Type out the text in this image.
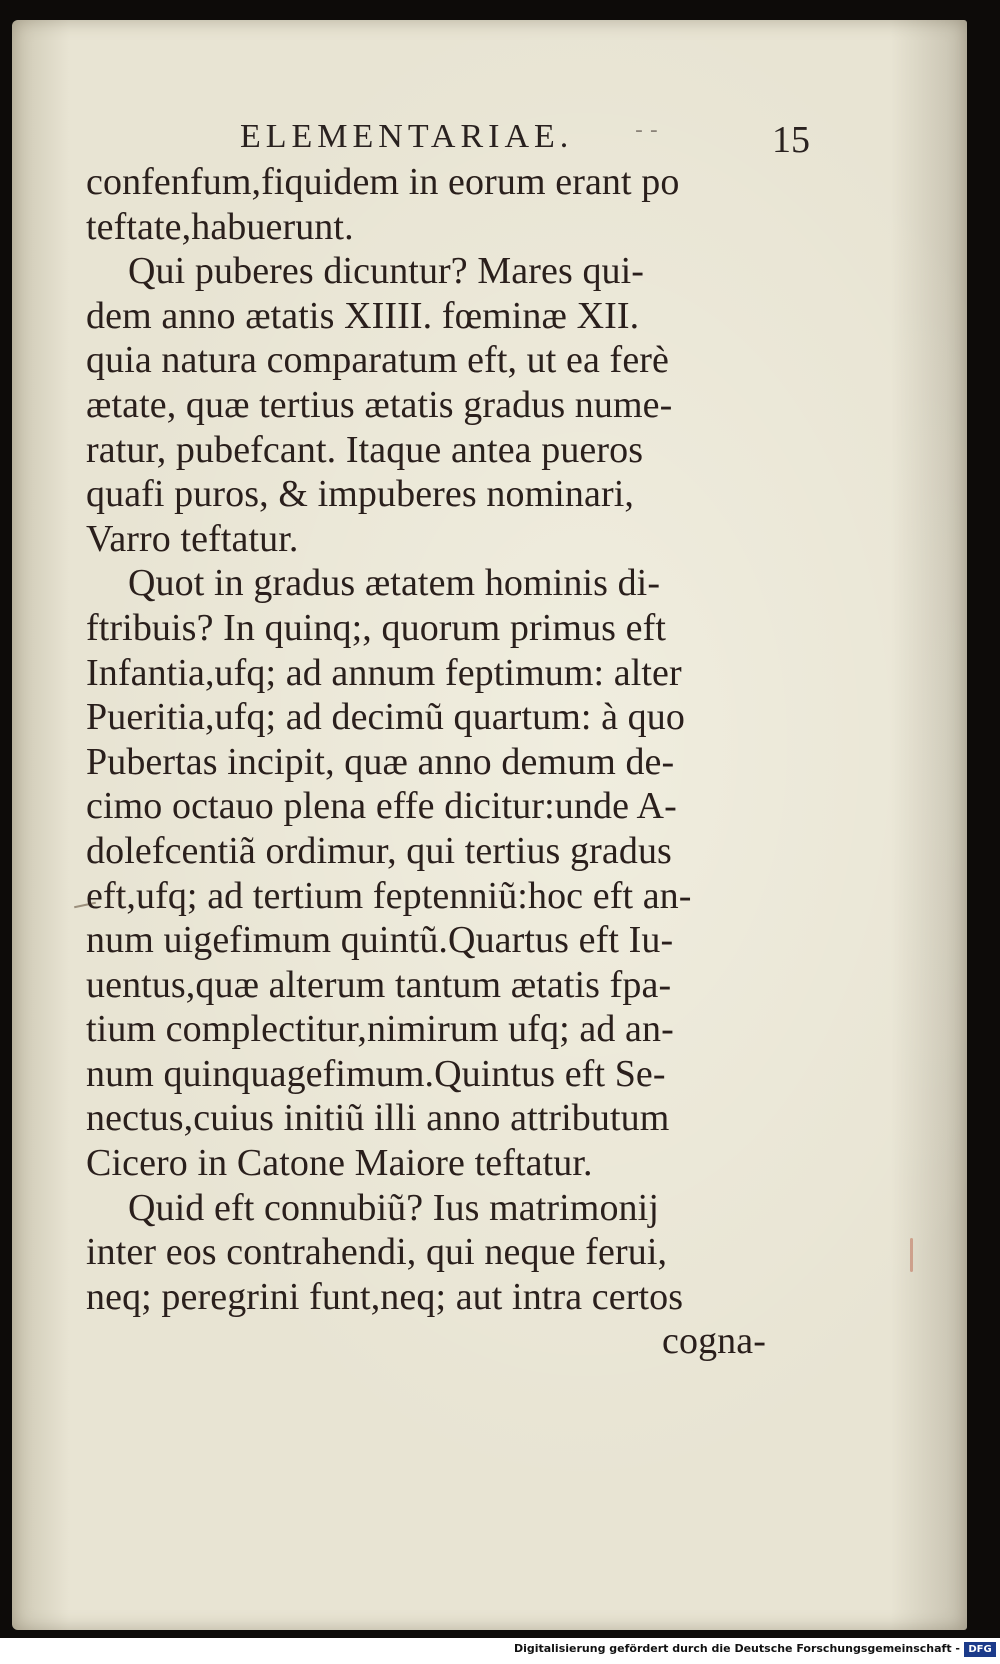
ELEMENTARIAE.	- -	15
confenfum,fiquidem in eorum erant po
teftate,habuerunt.
Qui puberes dicuntur? Mares qui-
dem anno ætatis XIIII. fœminæ XII.
quia natura comparatum eft, ut ea ferè
ætate, quæ tertius ætatis gradus nume-
ratur, pubefcant. Itaque antea pueros
quafi puros, & impuberes nominari,
Varro teftatur.
Quot in gradus ætatem hominis di-
ftribuis? In quinq;, quorum primus eft
Infantia,ufq; ad annum feptimum: alter
Pueritia,ufq; ad decimũ quartum: à quo
Pubertas incipit, quæ anno demum de-
cimo octauo plena effe dicitur:unde A-
dolefcentiã ordimur, qui tertius gradus
eft,ufq; ad tertium feptenniũ:hoc eft an-
num uigefimum quintũ.Quartus eft Iu-
uentus,quæ alterum tantum ætatis fpa-
tium complectitur,nimirum ufq; ad an-
num quinquagefimum.Quintus eft Se-
nectus,cuius initiũ illi anno attributum
Cicero in Catone Maiore teftatur.
Quid eft connubiũ? Ius matrimonij
inter eos contrahendi, qui neque ferui,
neq; peregrini funt,neq; aut intra certos
cogna-
Digitalisierung gefördert durch die Deutsche Forschungsgemeinschaft - DFG
